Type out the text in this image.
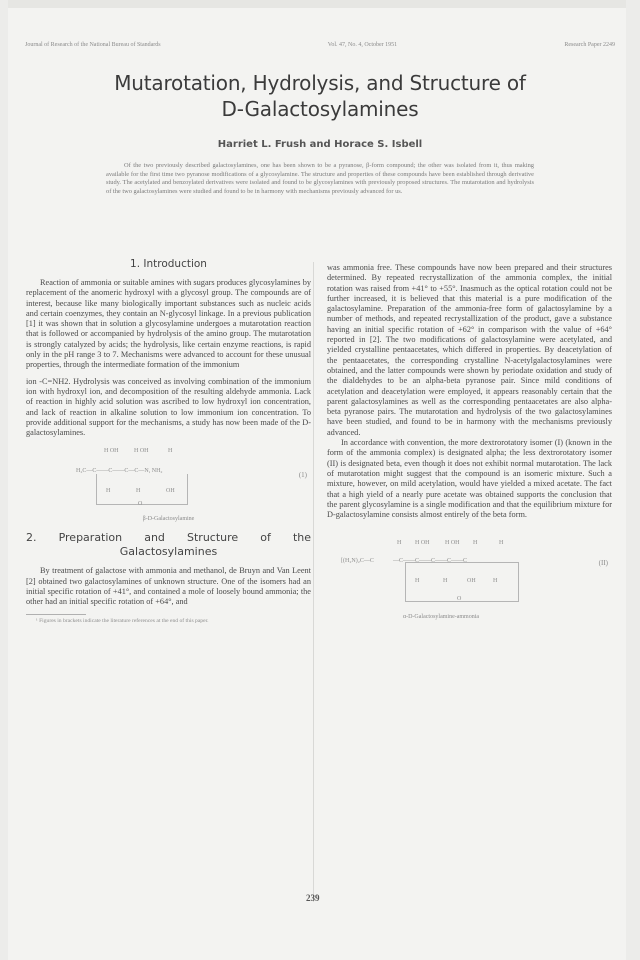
Journal of Research of the National Bureau of Standards	Vol. 47, No. 4, October 1951	Research Paper 2249
Mutarotation, Hydrolysis, and Structure of
D-Galactosylamines
Harriet L. Frush and Horace S. Isbell
Of the two previously described galactosylamines, one has been shown to be a pyranose, β-form compound; the other was isolated from it, thus making available for the first time two pyranose modifications of a glycosylamine. The structure and properties of these compounds have been established through derivative study. The acetylated and benzoylated derivatives were isolated and found to be glycosylamines with previously proposed structures. The mutarotation and hydrolysis of the two galactosylamines were studied and found to be in harmony with mechanisms previously advanced for us.
1. Introduction

Reaction of ammonia or suitable amines with sugars produces glycosylamines by replacement of the anomeric hydroxyl with a glycosyl group. The compounds are of interest, because like many biologically important substances such as nucleic acids and certain coenzymes, they contain an N-glycosyl linkage. In a previous publication [1] it was shown that in solution a glycosylamine undergoes a mutarotation reaction that is followed or accompanied by hydrolysis of the amino group. The mutarotation is strongly catalyzed by acids; the hydrolysis, like certain enzyme reactions, is rapid only in the pH range 3 to 7. Mechanisms were advanced to account for these unusual properties, through the intermediate formation of the immonium

ion -C=NH2. Hydrolysis was conceived as involving combination of the immonium ion with hydroxyl ion, and decomposition of the resulting aldehyde ammonia. Lack of reaction in highly acid solution was ascribed to low hydroxyl ion concentration, and lack of reaction in alkaline solution to low immonium ion concentration. To provide additional support for the mechanisms, a study has now been made of the D-galactosylamines.

H OH	H OH	H
H₂C—C——C——C—C—N, NH₂
H	H	OH
O
(1)
β-D-Galactosylamine
2. Preparation and Structure of the Galactosylamines

By treatment of galactose with ammonia and methanol, de Bruyn and Van Leent [2] obtained two galactosylamines of unknown structure. One of the isomers had an initial specific rotation of +41°, and contained a mole of loosely bound ammonia; the other had an initial specific rotation of +64°, and

¹ Figures in brackets indicate the literature references at the end of this paper.

was ammonia free. These compounds have now been prepared and their structures determined. By repeated recrystallization of the ammonia complex, the initial rotation was raised from +41° to +55°. Inasmuch as the optical rotation could not be further increased, it is believed that this material is a pure modification of the galactosylamine. Preparation of the ammonia-free form of galactosylamine by a number of methods, and repeated recrystallization of the product, gave a substance having an initial specific rotation of +62° in comparison with the value of +64° reported in [2]. The two modifications of galactosylamine were acetylated, and yielded crystalline pentaacetates, which differed in properties. By deacetylation of the pentaacetates, the corresponding crystalline N-acetylgalactosylamines were obtained, and the latter compounds were shown by periodate oxidation and study of the dialdehydes to be an alpha-beta pyranose pair. Since mild conditions of acetylation and deacetylation were employed, it appears reasonably certain that the parent galactosylamines as well as the corresponding pentaacetates are also alpha-beta pyranose pairs. The mutarotation and hydrolysis of the two galactosylamines have been studied, and found to be in harmony with the mechanisms previously advanced.

In accordance with convention, the more dextrorotatory isomer (I) (known in the form of the ammonia complex) is designated alpha; the less dextrorotatory isomer (II) is designated beta, even though it does not exhibit normal mutarotation. The lack of mutarotation might suggest that the compound is an isomeric mixture. Such a mixture, however, on mild acetylation, would have yielded a mixed acetate. The fact that a high yield of a nearly pure acetate was obtained supports the conclusion that the parent glycosylamine is a single modification and that the equilibrium mixture for D-galactosylamine consists almost entirely of the beta form.

[(H₂N)₂C—C
H H OH	H OH H	H
—C——C——C——C——C
H	H	OH	H
O
(II)
α-D-Galactosylamine-ammonia
239
